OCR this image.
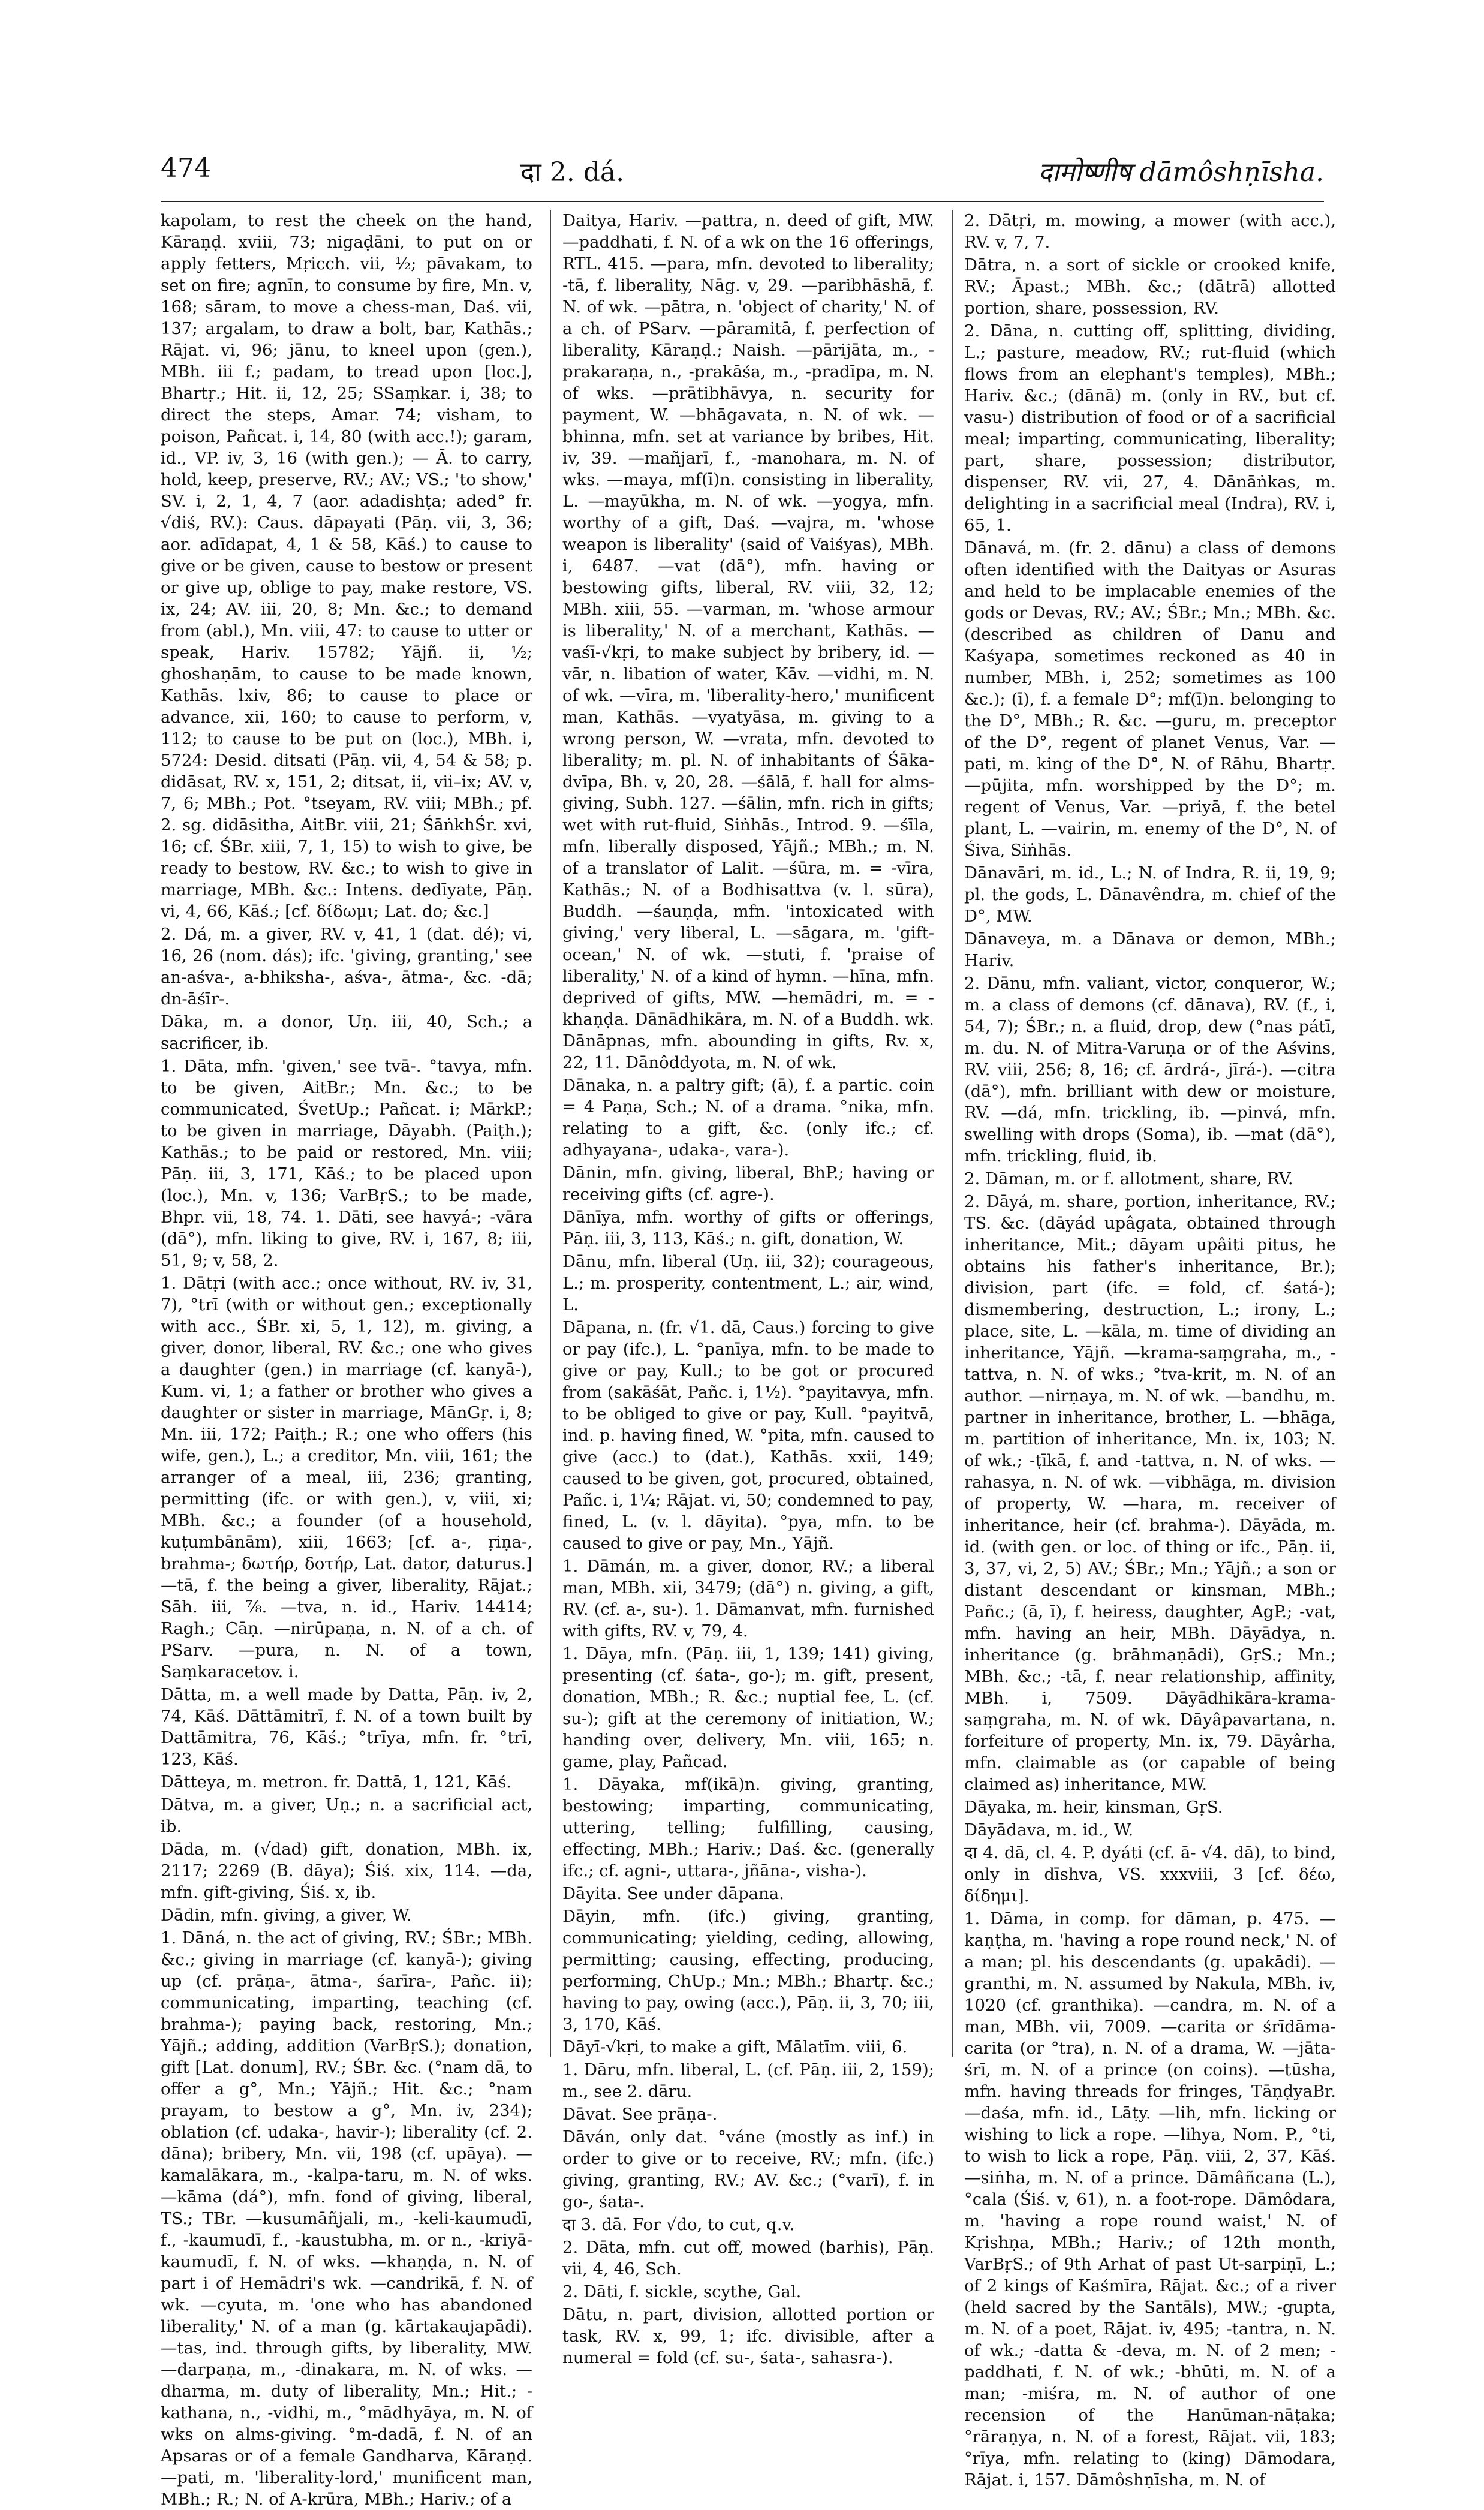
474	दा 2. dá.	दामोष्णीष dāmôshṇīsha.

kapolam, to rest the cheek on the hand, Kāraṇḍ. xviii, 73; nigaḍāni, to put on or apply fetters, Mṛicch. vii, ½; pāvakam, to set on fire; agnīn, to consume by fire, Mn. v, 168; sāram, to move a chess-man, Daś. vii, 137; argalam, to draw a bolt, bar, Kathās.; Rājat. vi, 96; jānu, to kneel upon (gen.), MBh. iii f.; padam, to tread upon [loc.], Bhartṛ.; Hit. ii, 12, 25; SSaṃkar. i, 38; to direct the steps, Amar. 74; visham, to poison, Pañcat. i, 14, 80 (with acc.!); garam, id., VP. iv, 3, 16 (with gen.); — Ā. to carry, hold, keep, preserve, RV.; AV.; VS.; 'to show,' SV. i, 2, 1, 4, 7 (aor. adadishṭa; aded° fr. √diś, RV.): Caus. dāpayati (Pāṇ. vii, 3, 36; aor. adīdapat, 4, 1 & 58, Kāś.) to cause to give or be given, cause to bestow or present or give up, oblige to pay, make restore, VS. ix, 24; AV. iii, 20, 8; Mn. &c.; to demand from (abl.), Mn. viii, 47: to cause to utter or speak, Hariv. 15782; Yājñ. ii, ½; ghoshaṇām, to cause to be made known, Kathās. lxiv, 86; to cause to place or advance, xii, 160; to cause to perform, v, 112; to cause to be put on (loc.), MBh. i, 5724: Desid. ditsati (Pāṇ. vii, 4, 54 & 58; p. didāsat, RV. x, 151, 2; ditsat, ii, vii–ix; AV. v, 7, 6; MBh.; Pot. °tseyam, RV. viii; MBh.; pf. 2. sg. didāsitha, AitBr. viii, 21; ŚāṅkhŚr. xvi, 16; cf. ŚBr. xiii, 7, 1, 15) to wish to give, be ready to bestow, RV. &c.; to wish to give in marriage, MBh. &c.: Intens. dedīyate, Pāṇ. vi, 4, 66, Kāś.; [cf. δίδωμι; Lat. do; &c.]

2. Dá, m. a giver, RV. v, 41, 1 (dat. dé); vi, 16, 26 (nom. dás); ifc. 'giving, granting,' see an-aśva-, a-bhiksha-, aśva-, ātma-, &c. -dā; dn-āśīr-.

Dāka, m. a donor, Uṇ. iii, 40, Sch.; a sacrificer, ib.

1. Dāta, mfn. 'given,' see tvā-. °tavya, mfn. to be given, AitBr.; Mn. &c.; to be communicated, ŚvetUp.; Pañcat. i; MārkP.; to be given in marriage, Dāyabh. (Paiṭh.); Kathās.; to be paid or restored, Mn. viii; Pāṇ. iii, 3, 171, Kāś.; to be placed upon (loc.), Mn. v, 136; VarBṛS.; to be made, Bhpr. vii, 18, 74. 1. Dāti, see havyá-; -vāra (dā°), mfn. liking to give, RV. i, 167, 8; iii, 51, 9; v, 58, 2.

1. Dātṛi (with acc.; once without, RV. iv, 31, 7), °trī (with or without gen.; exceptionally with acc., ŚBr. xi, 5, 1, 12), m. giving, a giver, donor, liberal, RV. &c.; one who gives a daughter (gen.) in marriage (cf. kanyā-), Kum. vi, 1; a father or brother who gives a daughter or sister in marriage, MānGṛ. i, 8; Mn. iii, 172; Paiṭh.; R.; one who offers (his wife, gen.), L.; a creditor, Mn. viii, 161; the arranger of a meal, iii, 236; granting, permitting (ifc. or with gen.), v, viii, xi; MBh. &c.; a founder (of a household, kuṭumbānām), xiii, 1663; [cf. a-, ṛiṇa-, brahma-; δωτήρ, δοτήρ, Lat. dator, daturus.] —tā, f. the being a giver, liberality, Rājat.; Sāh. iii, ⅞. —tva, n. id., Hariv. 14414; Ragh.; Cāṇ. —nirūpaṇa, n. N. of a ch. of PSarv. —pura, n. N. of a town, Saṃkaracetov. i.

Dātta, m. a well made by Datta, Pāṇ. iv, 2, 74, Kāś. Dāttāmitrī, f. N. of a town built by Dattāmitra, 76, Kāś.; °trīya, mfn. fr. °trī, 123, Kāś.

Dātteya, m. metron. fr. Dattā, 1, 121, Kāś.

Dātva, m. a giver, Uṇ.; n. a sacrificial act, ib.

Dāda, m. (√dad) gift, donation, MBh. ix, 2117; 2269 (B. dāya); Śiś. xix, 114. —da, mfn. gift-giving, Śiś. x, ib.

Dādin, mfn. giving, a giver, W.

1. Dāná, n. the act of giving, RV.; ŚBr.; MBh. &c.; giving in marriage (cf. kanyā-); giving up (cf. prāṇa-, ātma-, śarīra-, Pañc. ii); communicating, imparting, teaching (cf. brahma-); paying back, restoring, Mn.; Yājñ.; adding, addition (VarBṛS.); donation, gift [Lat. donum], RV.; ŚBr. &c. (°nam dā, to offer a g°, Mn.; Yājñ.; Hit. &c.; °nam prayam, to bestow a g°, Mn. iv, 234); oblation (cf. udaka-, havir-); liberality (cf. 2. dāna); bribery, Mn. vii, 198 (cf. upāya). —kamalākara, m., -kalpa-taru, m. N. of wks. —kāma (dá°), mfn. fond of giving, liberal, TS.; TBr. —kusumāñjali, m., -keli-kaumudī, f., -kaumudī, f., -kaustubha, m. or n., -kriyā-kaumudī, f. N. of wks. —khaṇḍa, n. N. of part i of Hemādri's wk. —candrikā, f. N. of wk. —cyuta, m. 'one who has abandoned liberality,' N. of a man (g. kārtakaujapādi). —tas, ind. through gifts, by liberality, MW. —darpaṇa, m., -dinakara, m. N. of wks. —dharma, m. duty of liberality, Mn.; Hit.; -kathana, n., -vidhi, m., °mādhyāya, m. N. of wks on alms-giving. °m-dadā, f. N. of an Apsaras or of a female Gandharva, Kāraṇḍ. —pati, m. 'liberality-lord,' munificent man, MBh.; R.; N. of A-krūra, MBh.; Hariv.; of a

Daitya, Hariv. —pattra, n. deed of gift, MW. —paddhati, f. N. of a wk on the 16 offerings, RTL. 415. —para, mfn. devoted to liberality; -tā, f. liberality, Nāg. v, 29. —paribhāshā, f. N. of wk. —pātra, n. 'object of charity,' N. of a ch. of PSarv. —pāramitā, f. perfection of liberality, Kāraṇḍ.; Naish. —pārijāta, m., -prakaraṇa, n., -prakāśa, m., -pradīpa, m. N. of wks. —prātibhāvya, n. security for payment, W. —bhāgavata, n. N. of wk. —bhinna, mfn. set at variance by bribes, Hit. iv, 39. —mañjarī, f., -manohara, m. N. of wks. —maya, mf(ī)n. consisting in liberality, L. —mayūkha, m. N. of wk. —yogya, mfn. worthy of a gift, Daś. —vajra, m. 'whose weapon is liberality' (said of Vaiśyas), MBh. i, 6487. —vat (dā°), mfn. having or bestowing gifts, liberal, RV. viii, 32, 12; MBh. xiii, 55. —varman, m. 'whose armour is liberality,' N. of a merchant, Kathās. —vaśī-√kṛi, to make subject by bribery, id. —vār, n. libation of water, Kāv. —vidhi, m. N. of wk. —vīra, m. 'liberality-hero,' munificent man, Kathās. —vyatyāsa, m. giving to a wrong person, W. —vrata, mfn. devoted to liberality; m. pl. N. of inhabitants of Śāka-dvīpa, Bh. v, 20, 28. —śālā, f. hall for alms-giving, Subh. 127. —śālin, mfn. rich in gifts; wet with rut-fluid, Siṅhās., Introd. 9. —śīla, mfn. liberally disposed, Yājñ.; MBh.; m. N. of a translator of Lalit. —śūra, m. = -vīra, Kathās.; N. of a Bodhisattva (v. l. sūra), Buddh. —śauṇḍa, mfn. 'intoxicated with giving,' very liberal, L. —sāgara, m. 'gift-ocean,' N. of wk. —stuti, f. 'praise of liberality,' N. of a kind of hymn. —hīna, mfn. deprived of gifts, MW. —hemādri, m. = -khaṇḍa. Dānādhikāra, m. N. of a Buddh. wk. Dānāpnas, mfn. abounding in gifts, Rv. x, 22, 11. Dānôddyota, m. N. of wk.

Dānaka, n. a paltry gift; (ā), f. a partic. coin = 4 Paṇa, Sch.; N. of a drama. °nika, mfn. relating to a gift, &c. (only ifc.; cf. adhyayana-, udaka-, vara-).

Dānin, mfn. giving, liberal, BhP.; having or receiving gifts (cf. agre-).

Dānīya, mfn. worthy of gifts or offerings, Pāṇ. iii, 3, 113, Kāś.; n. gift, donation, W.

Dānu, mfn. liberal (Uṇ. iii, 32); courageous, L.; m. prosperity, contentment, L.; air, wind, L.

Dāpana, n. (fr. √1. dā, Caus.) forcing to give or pay (ifc.), L. °panīya, mfn. to be made to give or pay, Kull.; to be got or procured from (sakāśāt, Pañc. i, 1½). °payitavya, mfn. to be obliged to give or pay, Kull. °payitvā, ind. p. having fined, W. °pita, mfn. caused to give (acc.) to (dat.), Kathās. xxii, 149; caused to be given, got, procured, obtained, Pañc. i, 1¼; Rājat. vi, 50; condemned to pay, fined, L. (v. l. dāyita). °pya, mfn. to be caused to give or pay, Mn., Yājñ.

1. Dāmán, m. a giver, donor, RV.; a liberal man, MBh. xii, 3479; (dā°) n. giving, a gift, RV. (cf. a-, su-). 1. Dāmanvat, mfn. furnished with gifts, RV. v, 79, 4.

1. Dāya, mfn. (Pāṇ. iii, 1, 139; 141) giving, presenting (cf. śata-, go-); m. gift, present, donation, MBh.; R. &c.; nuptial fee, L. (cf. su-); gift at the ceremony of initiation, W.; handing over, delivery, Mn. viii, 165; n. game, play, Pañcad.

1. Dāyaka, mf(ikā)n. giving, granting, bestowing; imparting, communicating, uttering, telling; fulfilling, causing, effecting, MBh.; Hariv.; Daś. &c. (generally ifc.; cf. agni-, uttara-, jñāna-, visha-).

Dāyita. See under dāpana.

Dāyin, mfn. (ifc.) giving, granting, communicating; yielding, ceding, allowing, permitting; causing, effecting, producing, performing, ChUp.; Mn.; MBh.; Bhartṛ. &c.; having to pay, owing (acc.), Pāṇ. ii, 3, 70; iii, 3, 170, Kāś.

Dāyī-√kṛi, to make a gift, Mālatīm. viii, 6.

1. Dāru, mfn. liberal, L. (cf. Pāṇ. iii, 2, 159); m., see 2. dāru.

Dāvat. See prāṇa-.

Dāván, only dat. °váne (mostly as inf.) in order to give or to receive, RV.; mfn. (ifc.) giving, granting, RV.; AV. &c.; (°varī), f. in go-, śata-.

दा 3. dā. For √do, to cut, q.v.

2. Dāta, mfn. cut off, mowed (barhis), Pāṇ. vii, 4, 46, Sch.

2. Dāti, f. sickle, scythe, Gal.

Dātu, n. part, division, allotted portion or task, RV. x, 99, 1; ifc. divisible, after a numeral = fold (cf. su-, śata-, sahasra-).

2. Dātṛi, m. mowing, a mower (with acc.), RV. v, 7, 7.

Dātra, n. a sort of sickle or crooked knife, RV.; Āpast.; MBh. &c.; (dātrā) allotted portion, share, possession, RV.

2. Dāna, n. cutting off, splitting, dividing, L.; pasture, meadow, RV.; rut-fluid (which flows from an elephant's temples), MBh.; Hariv. &c.; (dānā) m. (only in RV., but cf. vasu-) distribution of food or of a sacrificial meal; imparting, communicating, liberality; part, share, possession; distributor, dispenser, RV. vii, 27, 4. Dānāṅkas, m. delighting in a sacrificial meal (Indra), RV. i, 65, 1.

Dānavá, m. (fr. 2. dānu) a class of demons often identified with the Daityas or Asuras and held to be implacable enemies of the gods or Devas, RV.; AV.; ŚBr.; Mn.; MBh. &c. (described as children of Danu and Kaśyapa, sometimes reckoned as 40 in number, MBh. i, 252; sometimes as 100 &c.); (ī), f. a female D°; mf(ī)n. belonging to the D°, MBh.; R. &c. —guru, m. preceptor of the D°, regent of planet Venus, Var. —pati, m. king of the D°, N. of Rāhu, Bhartṛ. —pūjita, mfn. worshipped by the D°; m. regent of Venus, Var. —priyā, f. the betel plant, L. —vairin, m. enemy of the D°, N. of Śiva, Siṅhās.

Dānavāri, m. id., L.; N. of Indra, R. ii, 19, 9; pl. the gods, L. Dānavêndra, m. chief of the D°, MW.

Dānaveya, m. a Dānava or demon, MBh.; Hariv.

2. Dānu, mfn. valiant, victor, conqueror, W.; m. a class of demons (cf. dānava), RV. (f., i, 54, 7); ŚBr.; n. a fluid, drop, dew (°nas pátī, m. du. N. of Mitra-Varuṇa or of the Aśvins, RV. viii, 256; 8, 16; cf. ārdrá-, jīrá-). —citra (dā°), mfn. brilliant with dew or moisture, RV. —dá, mfn. trickling, ib. —pinvá, mfn. swelling with drops (Soma), ib. —mat (dā°), mfn. trickling, fluid, ib.

2. Dāman, m. or f. allotment, share, RV.

2. Dāyá, m. share, portion, inheritance, RV.; TS. &c. (dāyád upâgata, obtained through inheritance, Mit.; dāyam upâiti pitus, he obtains his father's inheritance, Br.); division, part (ifc. = fold, cf. śatá-); dismembering, destruction, L.; irony, L.; place, site, L. —kāla, m. time of dividing an inheritance, Yājñ. —krama-saṃgraha, m., -tattva, n. N. of wks.; °tva-krit, m. N. of an author. —nirṇaya, m. N. of wk. —bandhu, m. partner in inheritance, brother, L. —bhāga, m. partition of inheritance, Mn. ix, 103; N. of wk.; -ṭīkā, f. and -tattva, n. N. of wks. —rahasya, n. N. of wk. —vibhāga, m. division of property, W. —hara, m. receiver of inheritance, heir (cf. brahma-). Dāyāda, m. id. (with gen. or loc. of thing or ifc., Pāṇ. ii, 3, 37, vi, 2, 5) AV.; ŚBr.; Mn.; Yājñ.; a son or distant descendant or kinsman, MBh.; Pañc.; (ā, ī), f. heiress, daughter, AgP.; -vat, mfn. having an heir, MBh. Dāyādya, n. inheritance (g. brāhmaṇādi), GṛS.; Mn.; MBh. &c.; -tā, f. near relationship, affinity, MBh. i, 7509. Dāyādhikāra-krama-saṃgraha, m. N. of wk. Dāyâpavartana, n. forfeiture of property, Mn. ix, 79. Dāyârha, mfn. claimable as (or capable of being claimed as) inheritance, MW.

Dāyaka, m. heir, kinsman, GṛS.

Dāyādava, m. id., W.

दा 4. dā, cl. 4. P. dyáti (cf. ā- √4. dā), to bind, only in dīshva, VS. xxxviii, 3 [cf. δέω, δίδημι].

1. Dāma, in comp. for dāman, p. 475. —kaṇṭha, m. 'having a rope round neck,' N. of a man; pl. his descendants (g. upakādi). —granthi, m. N. assumed by Nakula, MBh. iv, 1020 (cf. granthika). —candra, m. N. of a man, MBh. vii, 7009. —carita or śrīdāma-carita (or °tra), n. N. of a drama, W. —jāta-śrī, m. N. of a prince (on coins). —tūsha, mfn. having threads for fringes, TāṇḍyaBr. —daśa, mfn. id., Lāṭy. —lih, mfn. licking or wishing to lick a rope. —lihya, Nom. P., °ti, to wish to lick a rope, Pāṇ. viii, 2, 37, Kāś. —siṅha, m. N. of a prince. Dāmâñcana (L.), °cala (Śiś. v, 61), n. a foot-rope. Dāmôdara, m. 'having a rope round waist,' N. of Kṛishṇa, MBh.; Hariv.; of 12th month, VarBṛS.; of 9th Arhat of past Ut-sarpiṇī, L.; of 2 kings of Kaśmīra, Rājat. &c.; of a river (held sacred by the Santāls), MW.; -gupta, m. N. of a poet, Rājat. iv, 495; -tantra, n. N. of wk.; -datta & -deva, m. N. of 2 men; -paddhati, f. N. of wk.; -bhūti, m. N. of a man; -miśra, m. N. of author of one recension of the Hanūman-nāṭaka; °rāraṇya, n. N. of a forest, Rājat. vii, 183; °rīya, mfn. relating to (king) Dāmodara, Rājat. i, 157. Dāmôshṇīsha, m. N. of
